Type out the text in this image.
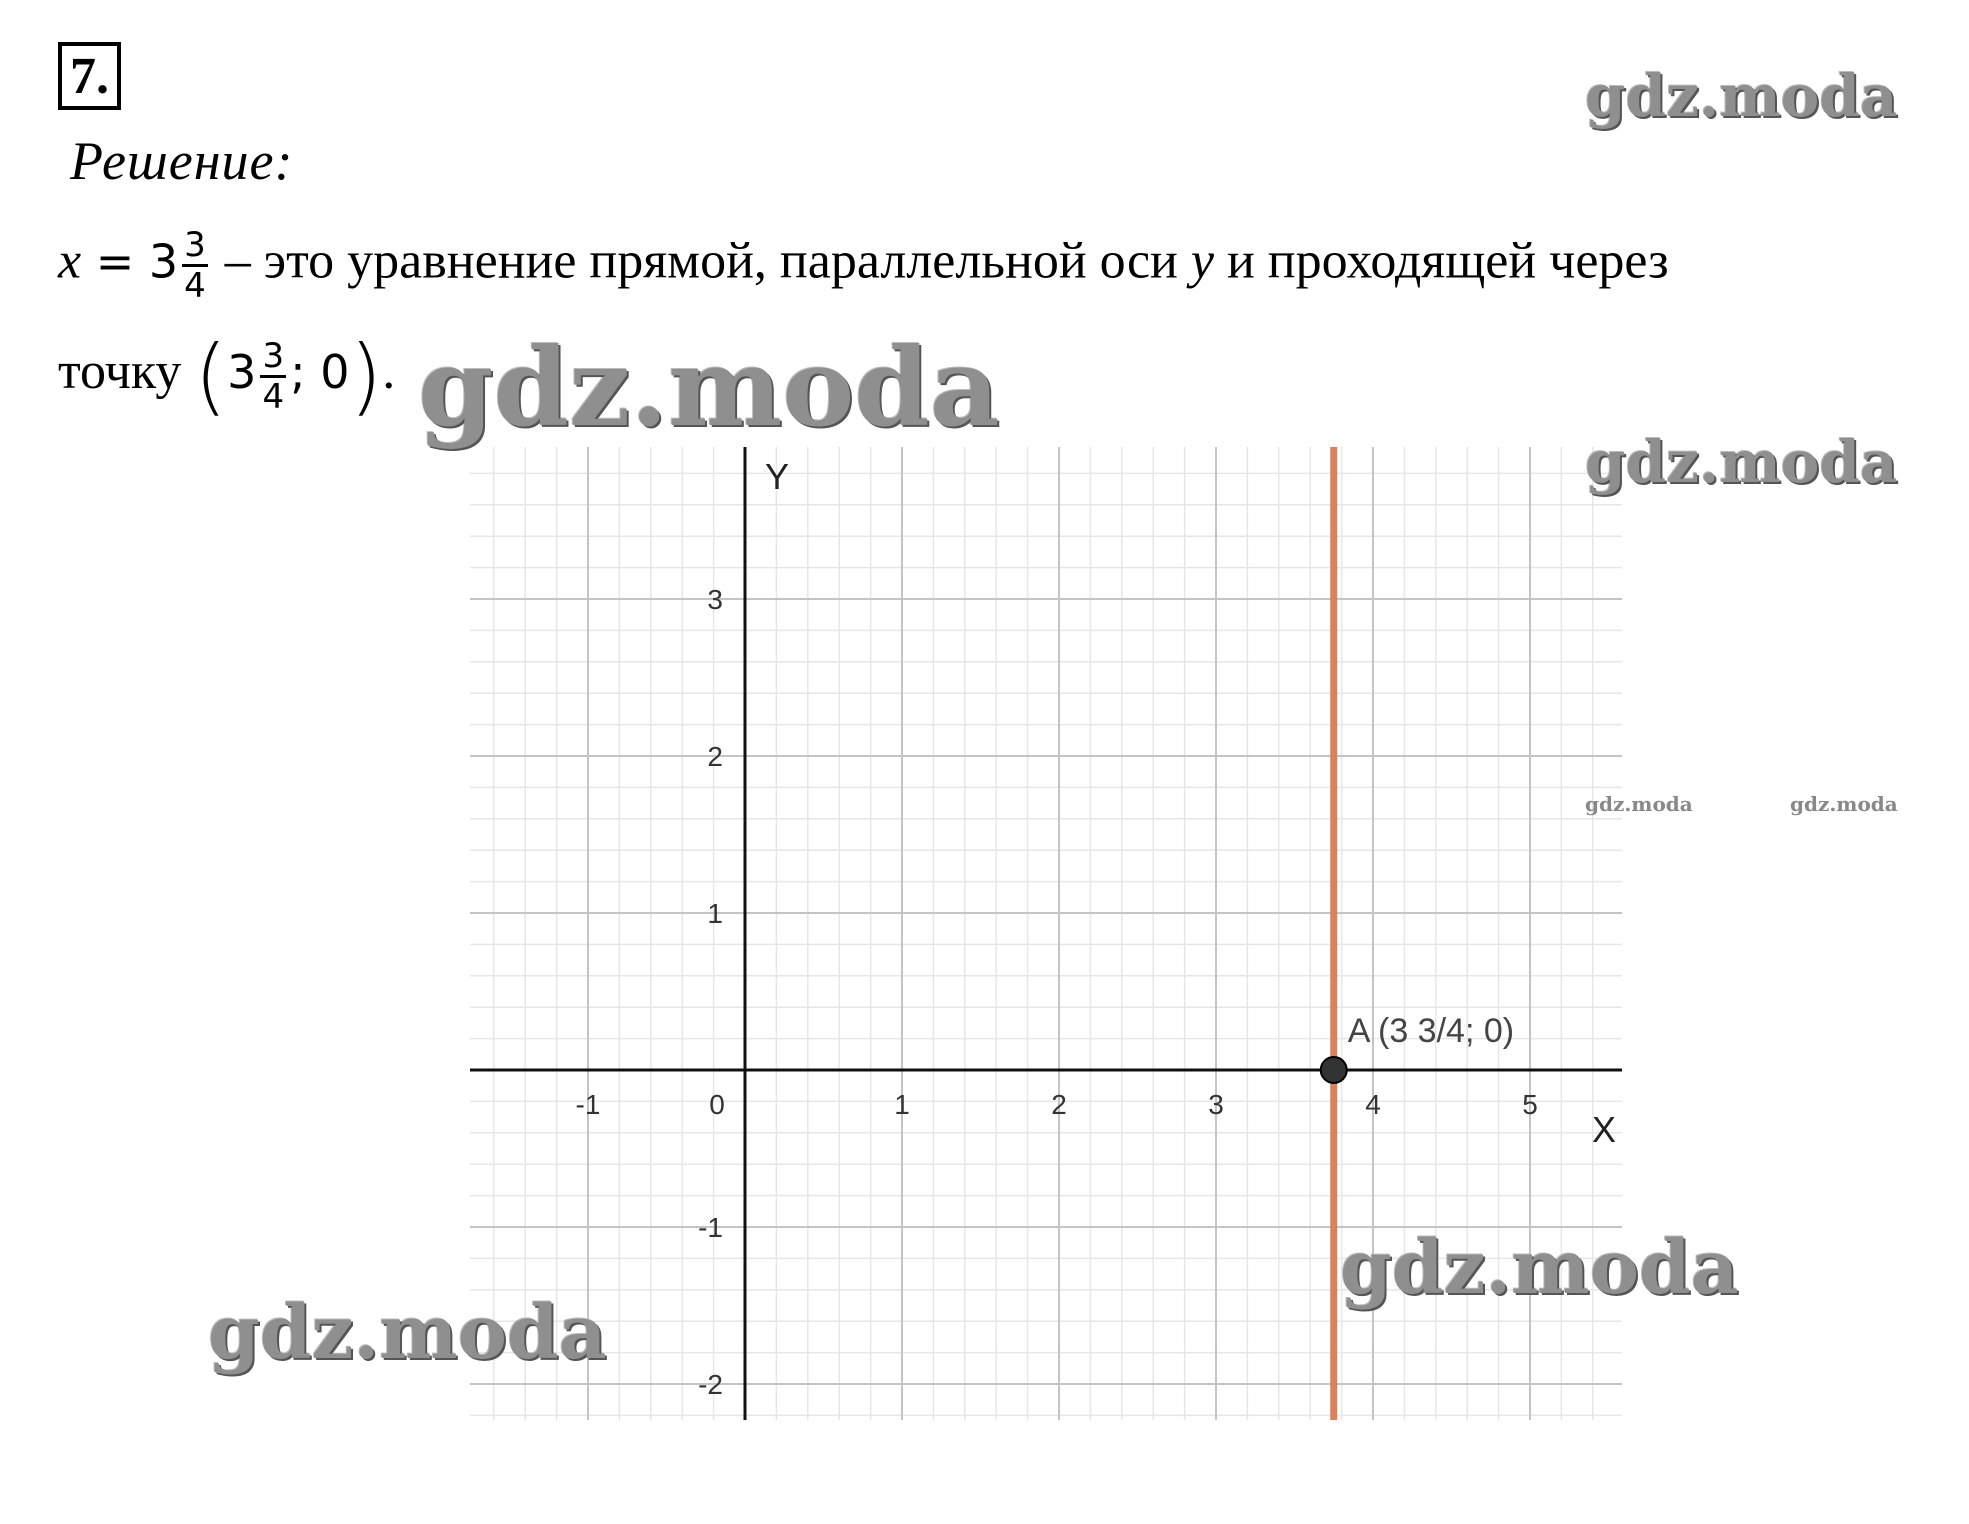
7.
Решение:
$x = 3 \frac{3}{4}$ – это уравнение прямой, параллельной оси y и проходящей через
точку ($3 \frac{3}{4}$ ; 0).
-1	0	1	2	3	4	5
3
2
1
-1
-2
A (3 3/4; 0)
X
Y
gdz.moda
gdz.moda
gdz.moda
gdz.moda	gdz.moda
gdz.moda
gdz.moda
